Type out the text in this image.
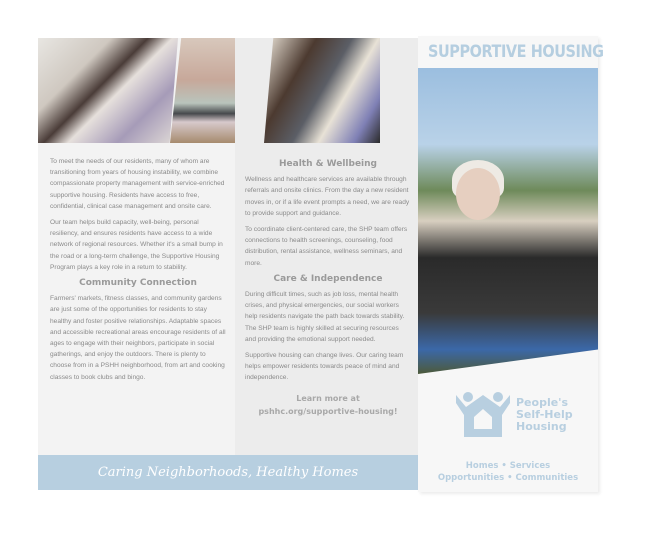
To meet the needs of our residents, many of whom are transitioning from years of housing instability, we combine compassionate property management with service-enriched supportive housing. Residents have access to free, confidential, clinical case management and onsite care.

Our team helps build capacity, well-being, personal resiliency, and ensures residents have access to a wide network of regional resources. Whether it's a small bump in the road or a long-term challenge, the Supportive Housing Program plays a key role in a return to stability.

Community Connection

Farmers' markets, fitness classes, and community gardens are just some of the opportunities for residents to stay healthy and foster positive relationships. Adaptable spaces and accessible recreational areas encourage residents of all ages to engage with their neighbors, participate in social gatherings, and enjoy the outdoors. There is plenty to choose from in a PSHH neighborhood, from art and cooking classes to book clubs and bingo.

Health & Wellbeing

Wellness and healthcare services are available through referrals and onsite clinics. From the day a new resident moves in, or if a life event prompts a need, we are ready to provide support and guidance.

To coordinate client-centered care, the SHP team offers connections to health screenings, counseling, food distribution, rental assistance, wellness seminars, and more.

Care & Independence

During difficult times, such as job loss, mental health crises, and physical emergencies, our social workers help residents navigate the path back towards stability. The SHP team is highly skilled at securing resources and providing the emotional support needed.

Supportive housing can change lives. Our caring team helps empower residents towards peace of mind and independence.

Learn more at
pshhc.org/supportive-housing!
Caring Neighborhoods, Healthy Homes
SUPPORTIVE HOUSING
People's
Self-Help
Housing
Homes • Services
Opportunities • Communities
